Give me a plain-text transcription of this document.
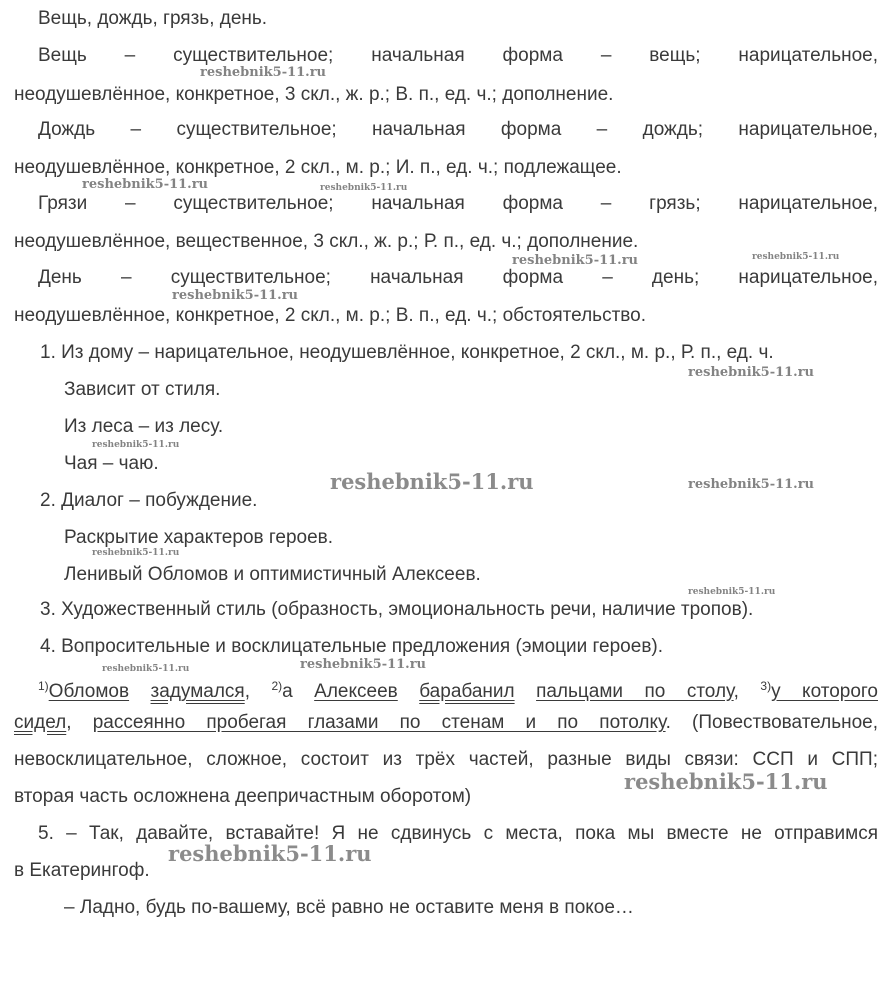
Вещь, дождь, грязь, день.
Вещь – существительное; начальная форма – вещь; нарицательное,
неодушевлённое, конкретное, 3 скл., ж. р.; В. п., ед. ч.; дополнение.
Дождь – существительное; начальная форма – дождь; нарицательное,
неодушевлённое, конкретное, 2 скл., м. р.; И. п., ед. ч.; подлежащее.
Грязи – существительное; начальная форма – грязь; нарицательное,
неодушевлённое, вещественное, 3 скл., ж. р.; Р. п., ед. ч.; дополнение.
День – существительное; начальная форма – день; нарицательное,
неодушевлённое, конкретное, 2 скл., м. р.; В. п., ед. ч.; обстоятельство.
1. Из дому – нарицательное, неодушевлённое, конкретное, 2 скл., м. р., Р. п., ед. ч.
Зависит от стиля.
Из леса – из лесу.
Чая – чаю.
2. Диалог – побуждение.
Раскрытие характеров героев.
Ленивый Обломов и оптимистичный Алексеев.
3. Художественный стиль (образность, эмоциональность речи, наличие тропов).
4. Вопросительные и восклицательные предложения (эмоции героев).
$^{1)}$Обломов задумался, $^{2)}$а Алексеев барабанил пальцами по столу, $^{3)}$у которого
сидел, рассеянно пробегая глазами по стенам и по потолку. (Повествовательное,
невосклицательное, сложное, состоит из трёх частей, разные виды связи: ССП и СПП;
вторая часть осложнена деепричастным оборотом)
5. – Так, давайте, вставайте! Я не сдвинусь с места, пока мы вместе не отправимся
в Екатерингоф.
– Ладно, будь по-вашему, всё равно не оставите меня в покое…
reshebnik5-11.ru
reshebnik5-11.ru	reshebnik5-11.ru
reshebnik5-11.ru	reshebnik5-11.ru
reshebnik5-11.ru
reshebnik5-11.ru
reshebnik5-11.ru
reshebnik5-11.ru	reshebnik5-11.ru
reshebnik5-11.ru
reshebnik5-11.ru
reshebnik5-11.ru	reshebnik5-11.ru
reshebnik5-11.ru
reshebnik5-11.ru
